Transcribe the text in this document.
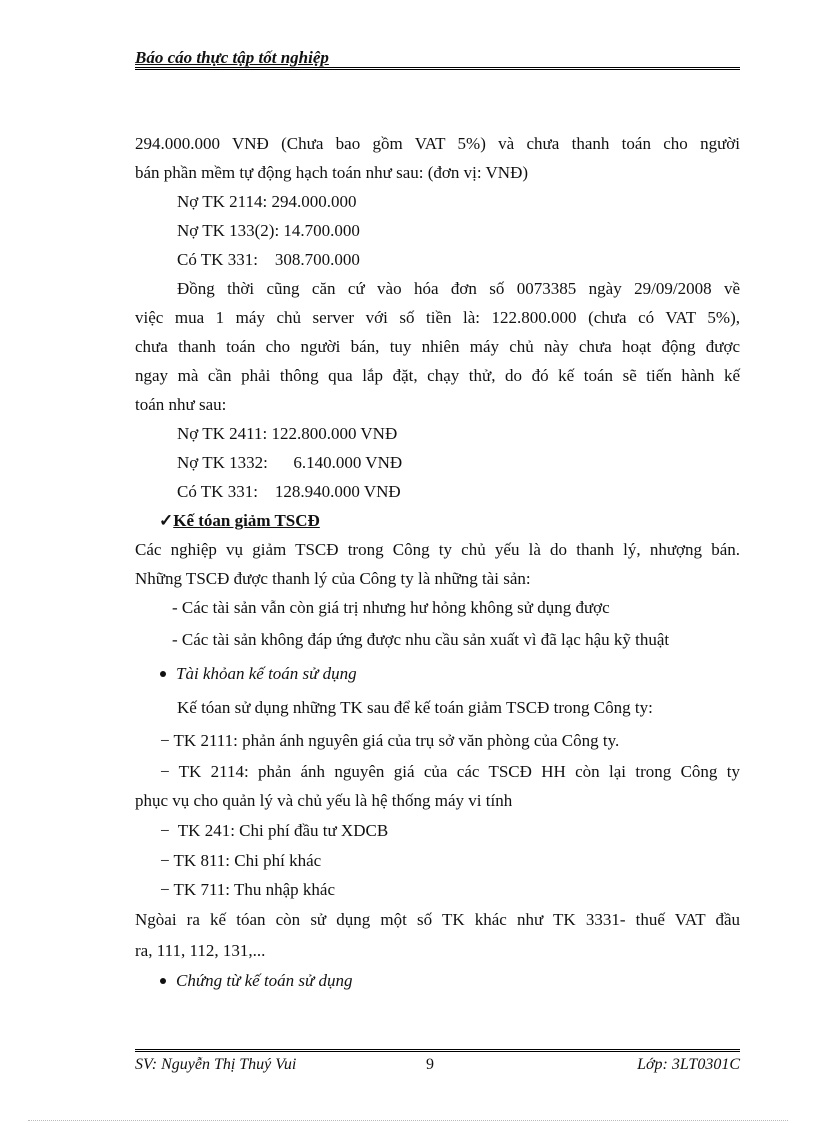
Báo cáo thực tập tốt nghiệp
294.000.000 VNĐ (Chưa bao gồm VAT 5%) và chưa thanh toán cho người
bán phần mềm tự động hạch toán như sau: (đơn vị: VNĐ)
Nợ TK 2114: 294.000.000
Nợ TK 133(2): 14.700.000
Có TK 331:    308.700.000
Đồng thời cũng căn cứ vào hóa đơn số 0073385 ngày 29/09/2008 về
việc mua 1 máy chủ server với số tiền là: 122.800.000 (chưa có VAT 5%),
chưa thanh toán cho người bán, tuy nhiên máy chủ này chưa hoạt động được
ngay mà cần phải thông qua lắp đặt, chạy thử, do đó kế toán sẽ tiến hành kế
toán như sau:
Nợ TK 2411: 122.800.000 VNĐ
Nợ TK 1332:      6.140.000 VNĐ
Có TK 331:    128.940.000 VNĐ
✓Kế tóan giảm TSCĐ
Các nghiệp vụ giảm TSCĐ trong Công ty chủ yếu là do thanh lý, nhượng bán.
Những TSCĐ được thanh lý của Công ty là những tài sản:
- Các tài sản vẫn còn giá trị nhưng hư hỏng không sử dụng được
- Các tài sản không đáp ứng được nhu cầu sản xuất vì đã lạc hậu kỹ thuật
Tài khỏan kế toán sử dụng
Kế tóan sử dụng những TK sau để kế toán giảm TSCĐ trong Công ty:
− TK 2111: phản ánh nguyên giá của trụ sở văn phòng của Công ty.
− TK 2114: phản ánh nguyên giá của các TSCĐ HH còn lại trong Công ty
phục vụ cho quản lý và chủ yếu là hệ thống máy vi tính
−  TK 241: Chi phí đầu tư XDCB
− TK 811: Chi phí khác
− TK 711: Thu nhập khác
Ngòai ra kế tóan còn sử dụng một số TK khác như TK 3331- thuế VAT đầu
ra, 111, 112, 131,...
Chứng từ kế toán sử dụng
SV: Nguyễn Thị Thuý Vui	9	Lớp: 3LT0301C
